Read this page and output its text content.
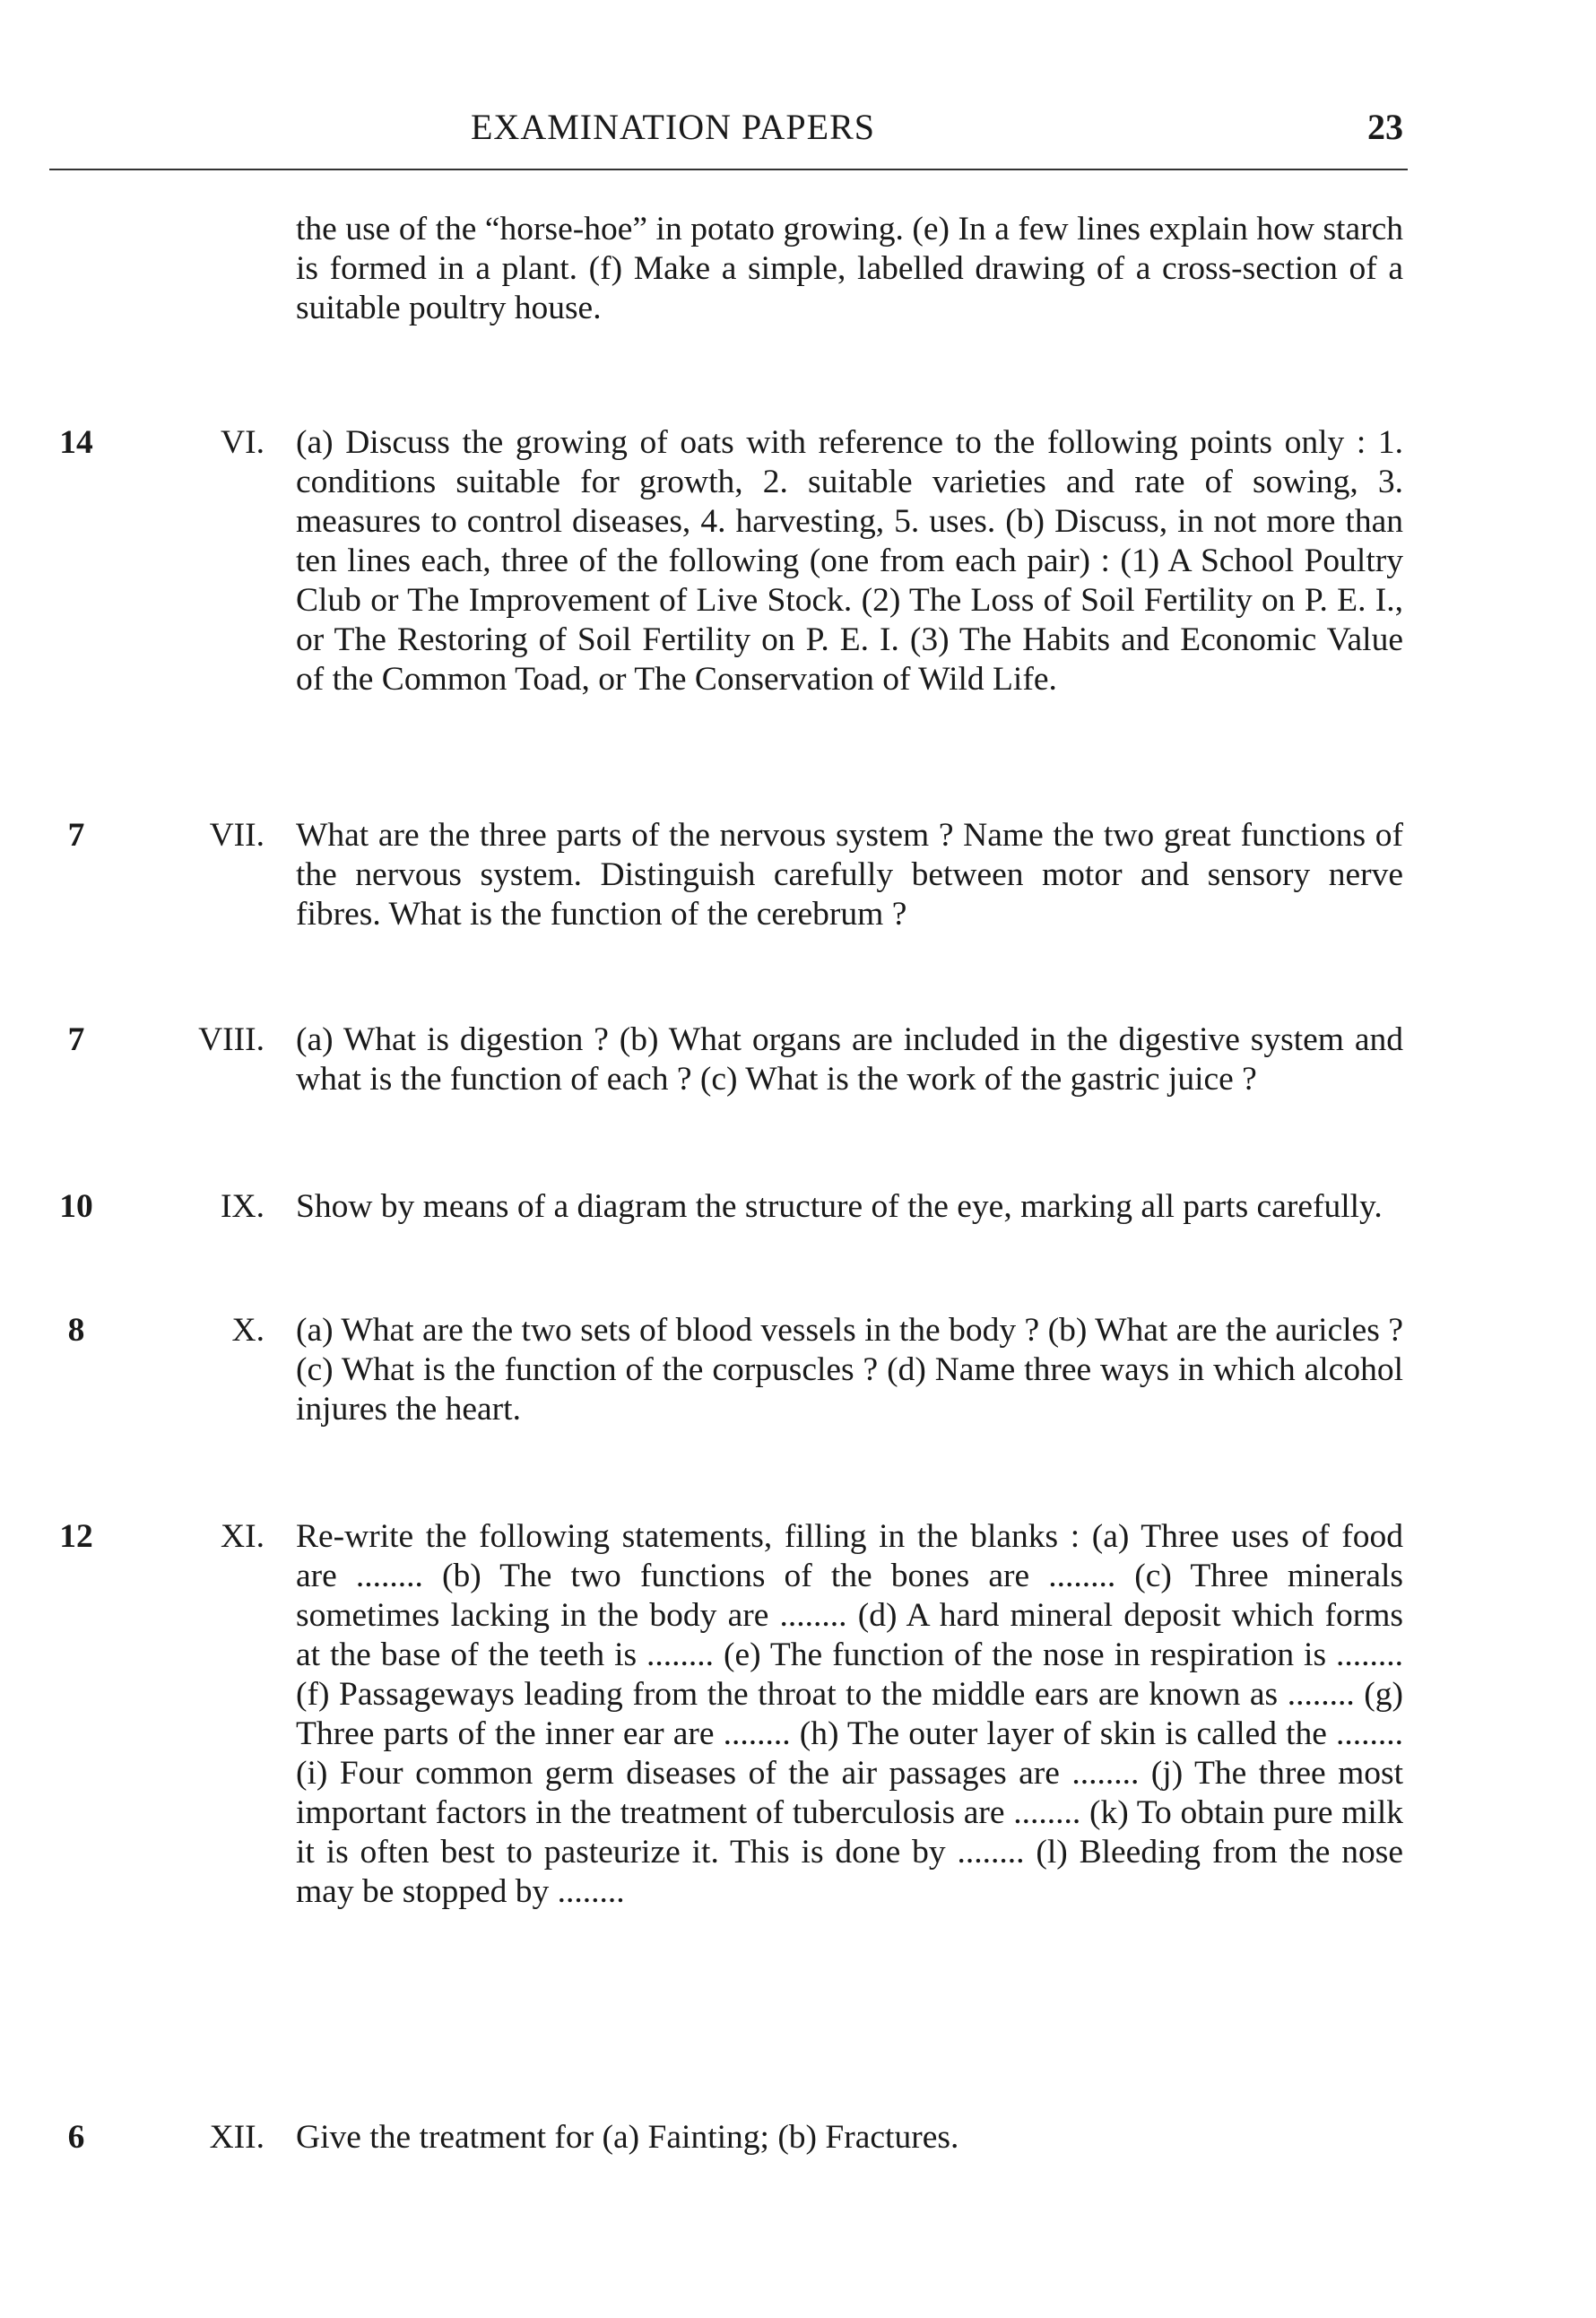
EXAMINATION PAPERS	23

the use of the “horse-hoe” in potato growing. (e) In a few lines explain how starch is formed in a plant. (f) Make a simple, labelled drawing of a cross-section of a suitable poultry house.

14	VI. (a) Discuss the growing of oats with reference to the following points only : 1. conditions suitable for growth, 2. suitable varieties and rate of sowing, 3. measures to control diseases, 4. harvesting, 5. uses. (b) Discuss, in not more than ten lines each, three of the following (one from each pair) : (1) A School Poultry Club or The Improvement of Live Stock. (2) The Loss of Soil Fertility on P. E. I., or The Restoring of Soil Fertility on P. E. I. (3) The Habits and Economic Value of the Common Toad, or The Conservation of Wild Life.

7	VII. What are the three parts of the nervous system ? Name the two great functions of the nervous system. Distinguish carefully between motor and sensory nerve fibres. What is the function of the cerebrum ?

7	VIII. (a) What is digestion ? (b) What organs are included in the digestive system and what is the function of each ? (c) What is the work of the gastric juice ?

10	IX. Show by means of a diagram the structure of the eye, marking all parts carefully.

8	X. (a) What are the two sets of blood vessels in the body ? (b) What are the auricles ? (c) What is the function of the corpuscles ? (d) Name three ways in which alcohol injures the heart.

12	XI. Re-write the following statements, filling in the blanks : (a) Three uses of food are ........ (b) The two functions of the bones are ........ (c) Three minerals sometimes lacking in the body are ........ (d) A hard mineral deposit which forms at the base of the teeth is ........ (e) The function of the nose in respiration is ........ (f) Passageways leading from the throat to the middle ears are known as ........ (g) Three parts of the inner ear are ........ (h) The outer layer of skin is called the ........ (i) Four common germ diseases of the air passages are ........ (j) The three most important factors in the treatment of tuberculosis are ........ (k) To obtain pure milk it is often best to pasteurize it. This is done by ........ (l) Bleeding from the nose may be stopped by ........

6	XII. Give the treatment for (a) Fainting; (b) Fractures.
